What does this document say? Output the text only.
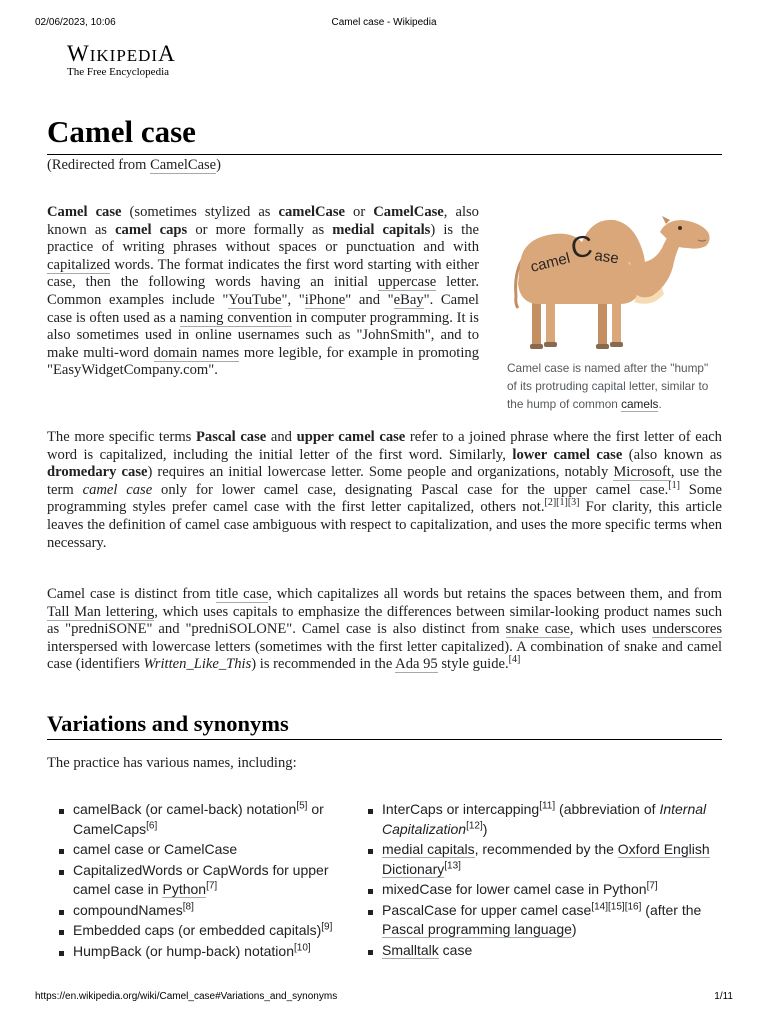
02/06/2023, 10:06	Camel case - Wikipedia
WIKIPEDIA
The Free Encyclopedia
Camel case
(Redirected from CamelCase)
Camel case (sometimes stylized as camelCase or CamelCase, also known as camel caps or more formally as medial capitals) is the practice of writing phrases without spaces or punctuation and with capitalized words. The format indicates the first word starting with either case, then the following words having an initial uppercase letter. Common examples include "YouTube", "iPhone" and "eBay". Camel case is often used as a naming convention in computer programming. It is also sometimes used in online usernames such as "JohnSmith", and to make multi-word domain names more legible, for example in promoting "EasyWidgetCompany.com".
camel
C ase
Camel case is named after the "hump" of its protruding capital letter, similar to the hump of common camels.
The more specific terms Pascal case and upper camel case refer to a joined phrase where the first letter of each word is capitalized, including the initial letter of the first word. Similarly, lower camel case (also known as dromedary case) requires an initial lowercase letter. Some people and organizations, notably Microsoft, use the term camel case only for lower camel case, designating Pascal case for the upper camel case.[1] Some programming styles prefer camel case with the first letter capitalized, others not.[2][1][3] For clarity, this article leaves the definition of camel case ambiguous with respect to capitalization, and uses the more specific terms when necessary.
Camel case is distinct from title case, which capitalizes all words but retains the spaces between them, and from Tall Man lettering, which uses capitals to emphasize the differences between similar-looking product names such as "predniSONE" and "predniSOLONE". Camel case is also distinct from snake case, which uses underscores interspersed with lowercase letters (sometimes with the first letter capitalized). A combination of snake and camel case (identifiers Written_Like_This) is recommended in the Ada 95 style guide.[4]
Variations and synonyms
The practice has various names, including:
camelBack (or camel-back) notation[5] or CamelCaps[6]
camel case or CamelCase
CapitalizedWords or CapWords for upper camel case in Python[7]
compoundNames[8]
Embedded caps (or embedded capitals)[9]
HumpBack (or hump-back) notation[10]
InterCaps or intercapping[11] (abbreviation of Internal Capitalization[12])
medial capitals, recommended by the Oxford English Dictionary[13]
mixedCase for lower camel case in Python[7]
PascalCase for upper camel case[14][15][16] (after the Pascal programming language)
Smalltalk case
https://en.wikipedia.org/wiki/Camel_case#Variations_and_synonyms	1/11
